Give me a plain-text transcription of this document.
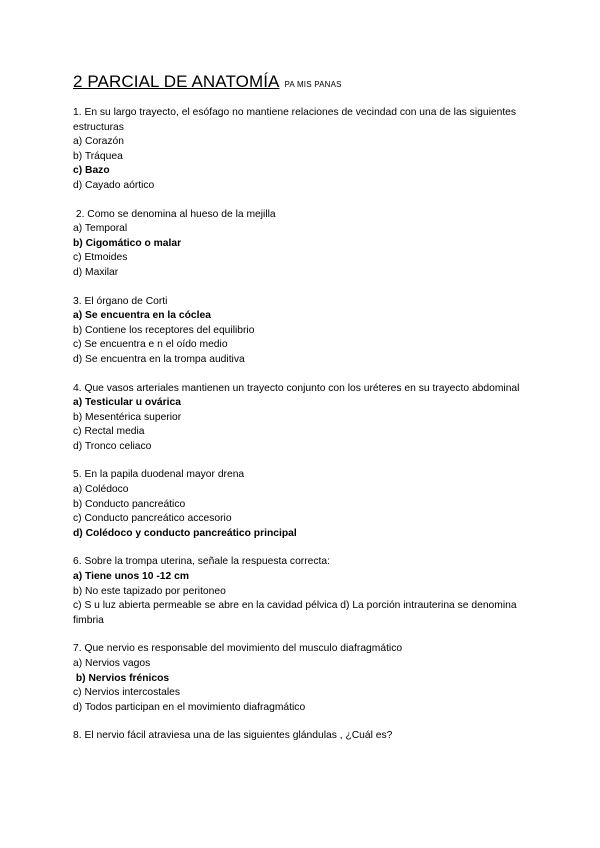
2 PARCIAL DE ANATOMÍA PA MIS PANAS
1. En su largo trayecto, el esófago no mantiene relaciones de vecindad con una de las siguientes estructuras
a) Corazón
b) Tráquea
c) Bazo
d) Cayado aórtico
2. Como se denomina al hueso de la mejilla
a) Temporal
b) Cigomático o malar
c) Etmoides
d) Maxilar
3. El órgano de Corti
a) Se encuentra en la cóclea
b) Contiene los receptores del equilibrio
c) Se encuentra e n el oído medio
d) Se encuentra en la trompa auditiva
4. Que vasos arteriales mantienen un trayecto conjunto con los uréteres en su trayecto abdominal
a) Testicular u ovárica
b) Mesentérica superior
c) Rectal media
d) Tronco celiaco
5. En la papila duodenal mayor drena
a) Colédoco
b) Conducto pancreático
c) Conducto pancreático accesorio
d) Colédoco y conducto pancreático principal
6. Sobre la trompa uterina, señale la respuesta correcta:
a) Tiene unos 10 -12 cm
b) No este tapizado por peritoneo
c) S u luz abierta permeable se abre en la cavidad pélvica d) La porción intrauterina se denomina fimbria
7. Que nervio es responsable del movimiento del musculo diafragmático
a) Nervios vagos
b) Nervios frénicos
c) Nervios intercostales
d) Todos participan en el movimiento diafragmático
8. El nervio fácil atraviesa una de las siguientes glándulas , ¿Cuál es?
